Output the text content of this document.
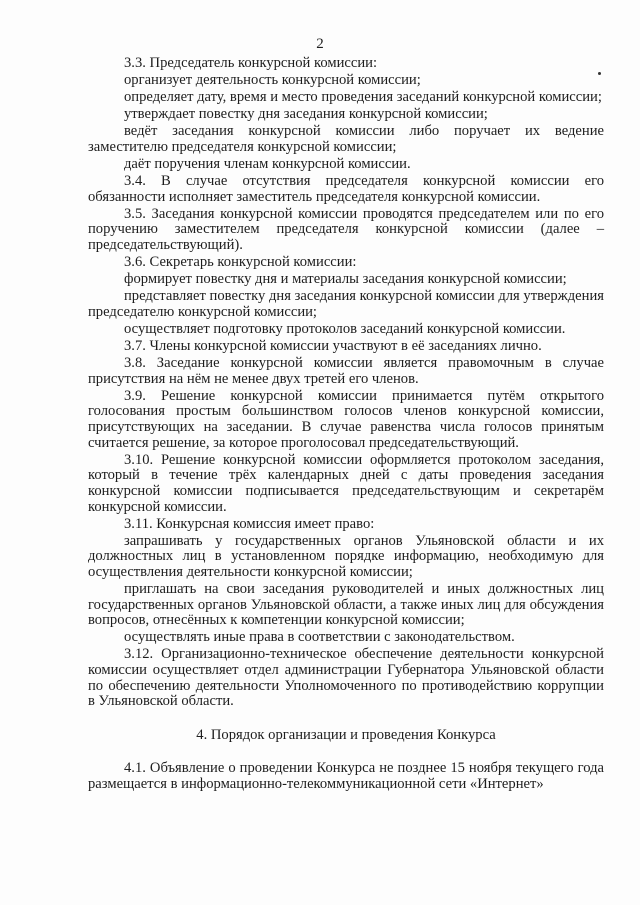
2

3.3. Председатель конкурсной комиссии:

организует деятельность конкурсной комиссии;

определяет дату, время и место проведения заседаний конкурсной комиссии;

утверждает повестку дня заседания конкурсной комиссии;

ведёт заседания конкурсной комиссии либо поручает их ведение заместителю председателя конкурсной комиссии;

даёт поручения членам конкурсной комиссии.

3.4. В случае отсутствия председателя конкурсной комиссии его обязанности исполняет заместитель председателя конкурсной комиссии.

3.5. Заседания конкурсной комиссии проводятся председателем или по его поручению заместителем председателя конкурсной комиссии (далее – председательствующий).

3.6. Секретарь конкурсной комиссии:

формирует повестку дня и материалы заседания конкурсной комиссии;

представляет повестку дня заседания конкурсной комиссии для утверждения председателю конкурсной комиссии;

осуществляет подготовку протоколов заседаний конкурсной комиссии.

3.7. Члены конкурсной комиссии участвуют в её заседаниях лично.

3.8. Заседание конкурсной комиссии является правомочным в случае присутствия на нём не менее двух третей его членов.

3.9. Решение конкурсной комиссии принимается путём открытого голосования простым большинством голосов членов конкурсной комиссии, присутствующих на заседании. В случае равенства числа голосов принятым считается решение, за которое проголосовал председательствующий.

3.10. Решение конкурсной комиссии оформляется протоколом заседания, который в течение трёх календарных дней с даты проведения заседания конкурсной комиссии подписывается председательствующим и секретарём конкурсной комиссии.

3.11. Конкурсная комиссия имеет право:

запрашивать у государственных органов Ульяновской области и их должностных лиц в установленном порядке информацию, необходимую для осуществления деятельности конкурсной комиссии;

приглашать на свои заседания руководителей и иных должностных лиц государственных органов Ульяновской области, а также иных лиц для обсуждения вопросов, отнесённых к компетенции конкурсной комиссии;

осуществлять иные права в соответствии с законодательством.

3.12. Организационно-техническое обеспечение деятельности конкурсной комиссии осуществляет отдел администрации Губернатора Ульяновской области по обеспечению деятельности Уполномоченного по противодействию коррупции в Ульяновской области.

4. Порядок организации и проведения Конкурса

4.1. Объявление о проведении Конкурса не позднее 15 ноября текущего года размещается в информационно-телекоммуникационной сети «Интернет»
